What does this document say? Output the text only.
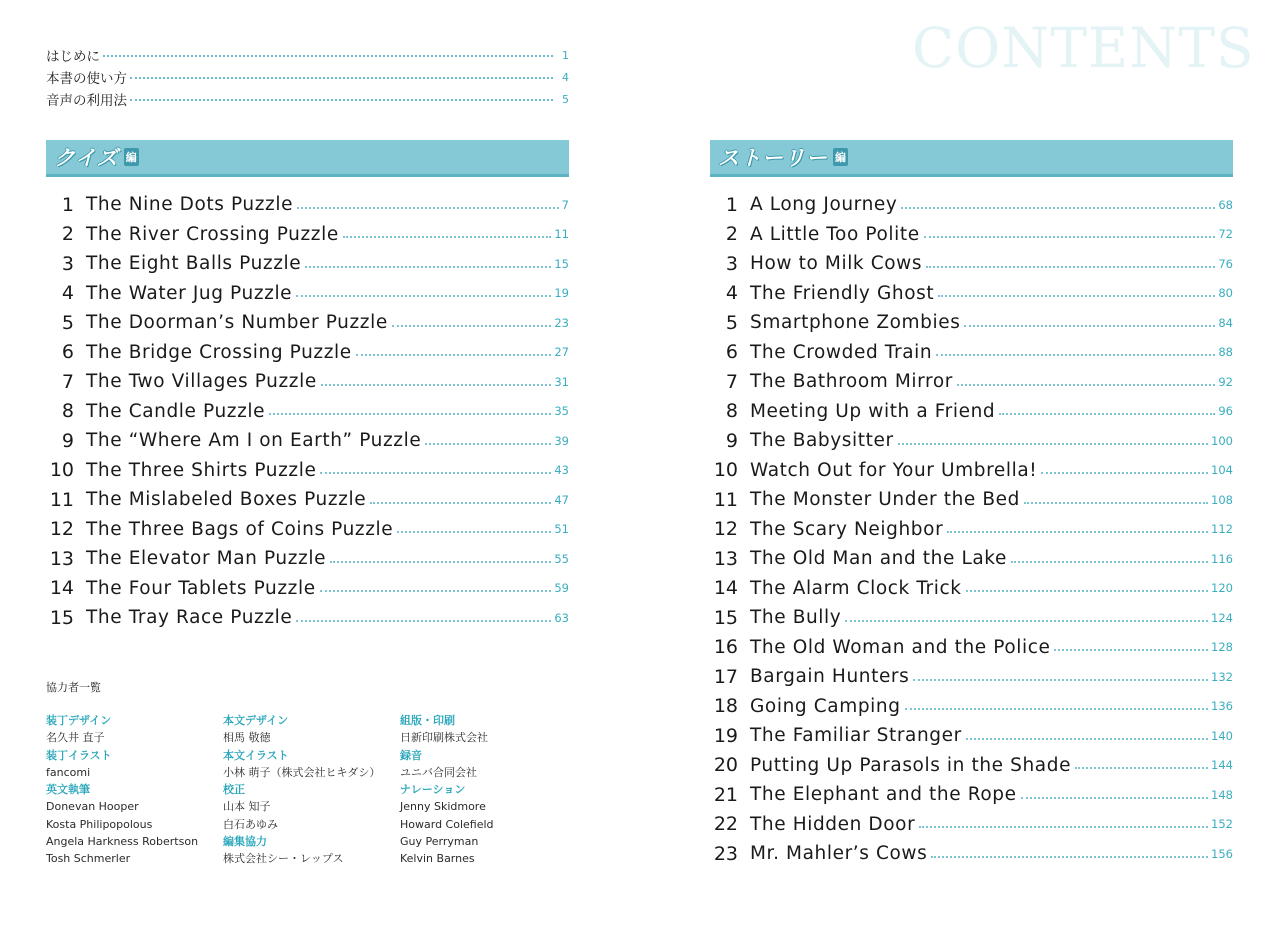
CONTENTS
はじめに	1
本書の使い方	4
音声の利用法	5
クイズ 編	ストーリー 編
1 The Nine Dots Puzzle	7
2 The River Crossing Puzzle	11
3 The Eight Balls Puzzle	15
4 The Water Jug Puzzle	19
5 The Doorman’s Number Puzzle	23
6 The Bridge Crossing Puzzle	27
7 The Two Villages Puzzle	31
8 The Candle Puzzle	35
9 The “Where Am I on Earth” Puzzle	39
10 The Three Shirts Puzzle	43
11 The Mislabeled Boxes Puzzle	47
12 The Three Bags of Coins Puzzle	51
13 The Elevator Man Puzzle	55
14 The Four Tablets Puzzle	59
15 The Tray Race Puzzle	63
1 A Long Journey	68
2 A Little Too Polite	72
3 How to Milk Cows	76
4 The Friendly Ghost	80
5 Smartphone Zombies	84
6 The Crowded Train	88
7 The Bathroom Mirror	92
8 Meeting Up with a Friend	96
9 The Babysitter	100
10 Watch Out for Your Umbrella!	104
11 The Monster Under the Bed	108
12 The Scary Neighbor	112
13 The Old Man and the Lake	116
14 The Alarm Clock Trick	120
15 The Bully	124
16 The Old Woman and the Police	128
17 Bargain Hunters	132
18 Going Camping	136
19 The Familiar Stranger	140
20 Putting Up Parasols in the Shade	144
21 The Elephant and the Rope	148
22 The Hidden Door	152
23 Mr. Mahler’s Cows	156
協力者一覧
装丁デザイン
名久井 直子
装丁イラスト
fancomi
英文執筆
Donevan Hooper
Kosta Philipopolous
Angela Harkness Robertson
Tosh Schmerler
本文デザイン
相馬 敬徳
本文イラスト
小林 萌子（株式会社ヒキダシ）
校正
山本 知子
白石あゆみ
編集協力
株式会社シー・レップス
組版・印刷
日新印刷株式会社
録音
ユニバ合同会社
ナレーション
Jenny Skidmore
Howard Colefield
Guy Perryman
Kelvin Barnes
